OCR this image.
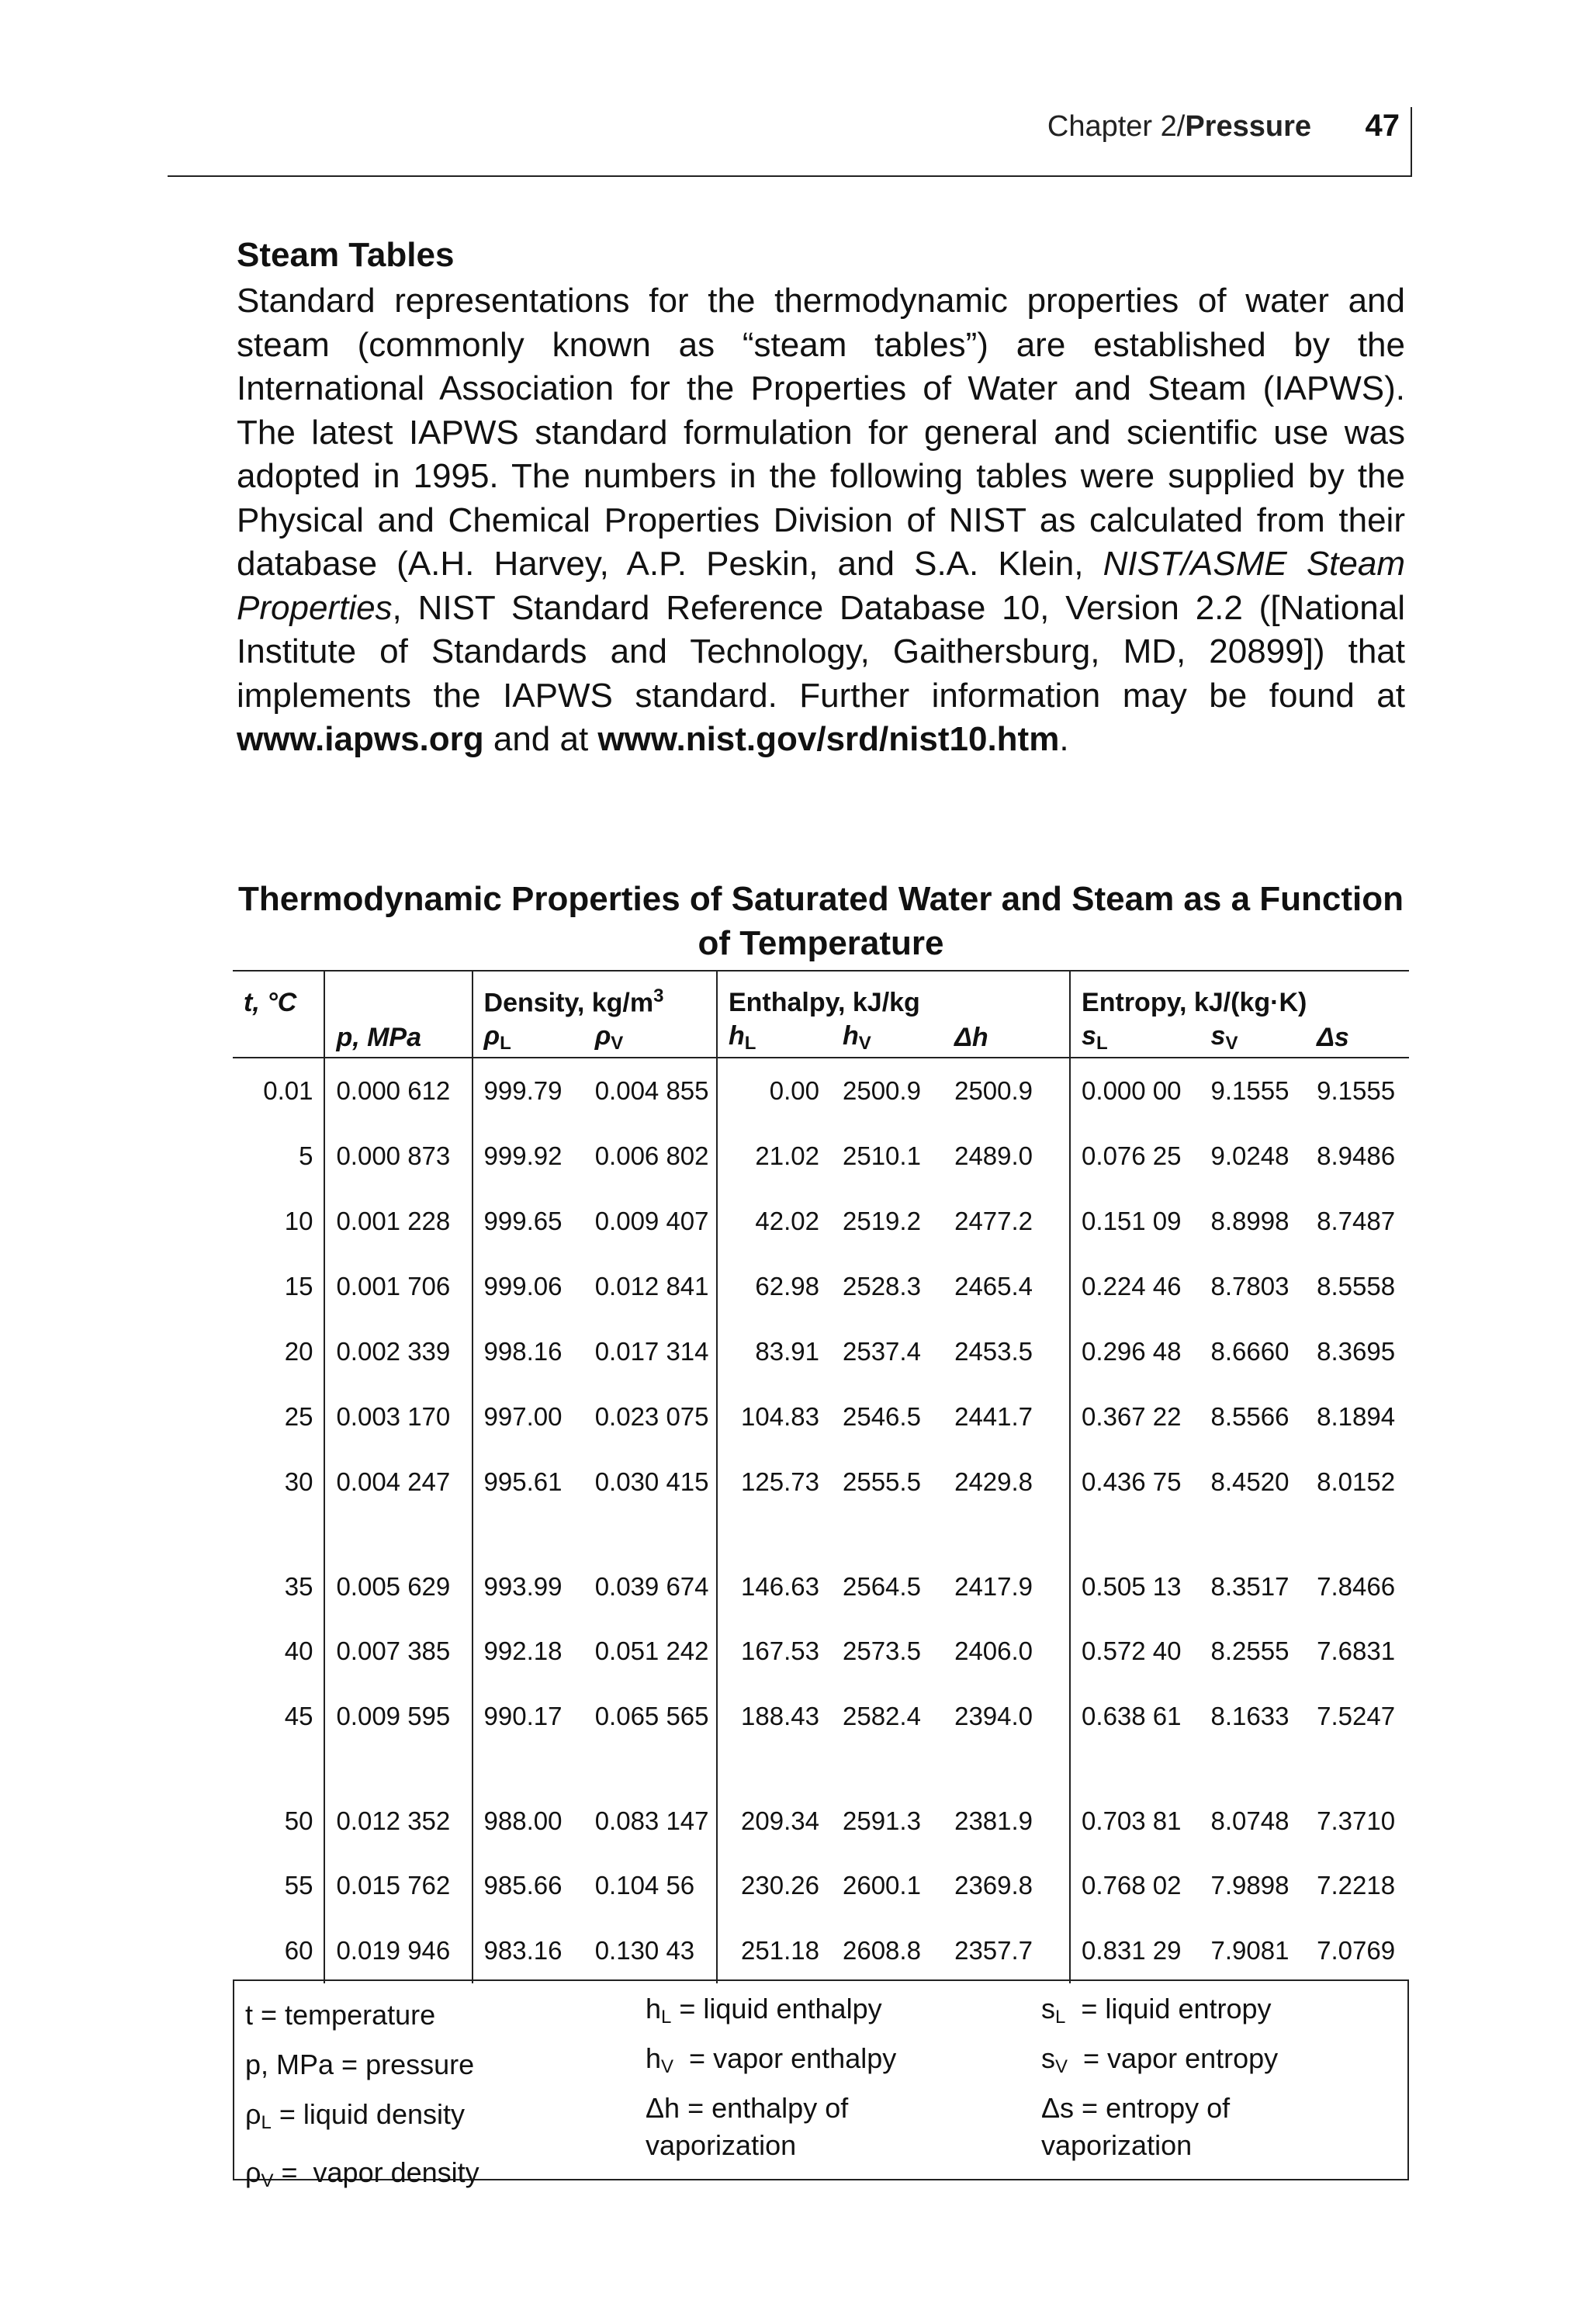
Chapter 2/Pressure 47
Steam Tables
Standard representations for the thermodynamic properties of water and steam (commonly known as “steam tables”) are established by the International Association for the Properties of Water and Steam (IAPWS). The latest IAPWS standard formulation for general and scientific use was adopted in 1995. The numbers in the following tables were supplied by the Physical and Chemical Properties Division of NIST as calculated from their database (A.H. Harvey, A.P. Peskin, and S.A. Klein, NIST/ASME Steam Properties, NIST Standard Reference Database 10, Version 2.2 ([National Institute of Standards and Technology, Gaithersburg, MD, 20899]) that implements the IAPWS standard. Further information may be found at www.iapws.org and at www.nist.gov/srd/nist10.htm.
Thermodynamic Properties of Saturated Water and Steam as a Function of Temperature
t, °C		Density, $kg/m^3$		Enthalpy, kJ/kg			Entropy, kJ/(kg·K)		
	p, MPa	$\rho_L$	$\rho_V$	$h_L$	$h_V$	Δh	$s_L$	$s_V$	Δs
0.01	0.000 612	999.79	0.004 855	0.00	2500.9	2500.9	0.000 00	9.1555	9.1555
5	0.000 873	999.92	0.006 802	21.02	2510.1	2489.0	0.076 25	9.0248	8.9486
10	0.001 228	999.65	0.009 407	42.02	2519.2	2477.2	0.151 09	8.8998	8.7487
15	0.001 706	999.06	0.012 841	62.98	2528.3	2465.4	0.224 46	8.7803	8.5558
20	0.002 339	998.16	0.017 314	83.91	2537.4	2453.5	0.296 48	8.6660	8.3695
25	0.003 170	997.00	0.023 075	104.83	2546.5	2441.7	0.367 22	8.5566	8.1894
30	0.004 247	995.61	0.030 415	125.73	2555.5	2429.8	0.436 75	8.4520	8.0152
35	0.005 629	993.99	0.039 674	146.63	2564.5	2417.9	0.505 13	8.3517	7.8466
40	0.007 385	992.18	0.051 242	167.53	2573.5	2406.0	0.572 40	8.2555	7.6831
45	0.009 595	990.17	0.065 565	188.43	2582.4	2394.0	0.638 61	8.1633	7.5247
50	0.012 352	988.00	0.083 147	209.34	2591.3	2381.9	0.703 81	8.0748	7.3710
55	0.015 762	985.66	0.104 56	230.26	2600.1	2369.8	0.768 02	7.9898	7.2218
60	0.019 946	983.16	0.130 43	251.18	2608.8	2357.7	0.831 29	7.9081	7.0769
t = temperature
p, MPa = pressure
$\rho_L$ = liquid density
$\rho_V$ =  vapor density
$h_L$ = liquid enthalpy
$h_V$  = vapor enthalpy
Δh = enthalpy of vaporization
$s_L$  = liquid entropy
$s_V$  = vapor entropy
Δs = entropy of vaporization
